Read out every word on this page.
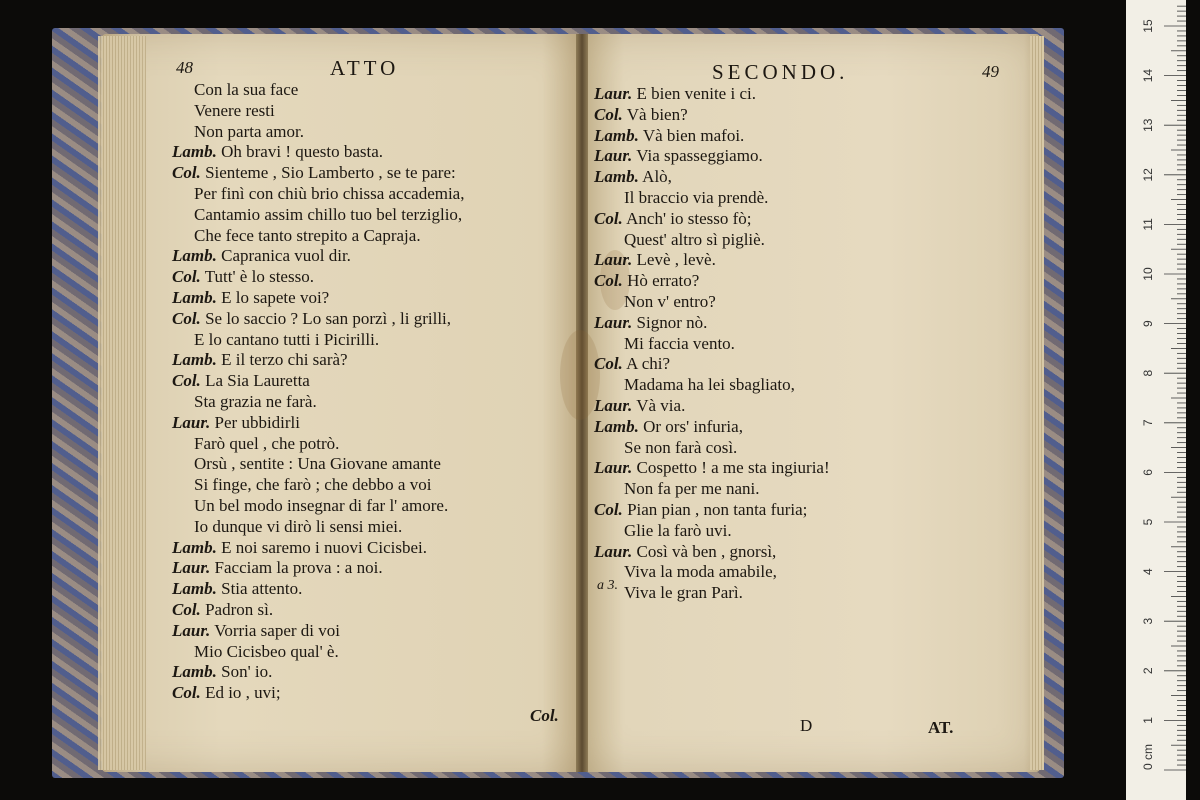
48	ATTO
Con la sua face
Venere resti
Non parta amor.
Lamb. Oh bravi ! questo basta.
Col. Sienteme , Sio Lamberto , se te pare:
Per finì con chiù brio chissa accademia,
Cantamio assim chillo tuo bel terziglio,
Che fece tanto strepito a Capraja.
Lamb. Capranica vuol dir.
Col. Tutt' è lo stesso.
Lamb. E lo sapete voi?
Col. Se lo saccio ? Lo san porzì , li grilli,
E lo cantano tutti i Picirilli.
Lamb. E il terzo chi sarà?
Col. La Sia Lauretta
Sta grazia ne farà.
Laur. Per ubbidirli
Farò quel , che potrò.
Orsù , sentite : Una Giovane amante
Si finge, che farò ; che debbo a voi
Un bel modo insegnar di far l' amore.
Io dunque vi dirò li sensi miei.
Lamb. E noi saremo i nuovi Cicisbei.
Laur. Facciam la prova : a noi.
Lamb. Stia attento.
Col. Padron sì.
Laur. Vorria saper di voi
Mio Cicisbeo qual' è.
Lamb. Son' io.
Col. Ed io , uvi;
Col.
SECONDO.	49
Laur. E bien venite i ci.
Col. Và bien?
Lamb. Và bien mafoi.
Laur. Via spasseggiamo.
Lamb. Alò,
Il braccio via prendè.
Col. Anch' io stesso fò;
Quest' altro sì pigliè.
Laur. Levè , levè.
Col. Hò errato?
Non v' entro?
Laur. Signor nò.
Mi faccia vento.
Col. A chi?
Madama ha lei sbagliato,
Laur. Và via.
Lamb. Or ors' infuria,
Se non farà così.
Laur. Cospetto ! a me sta ingiuria!
Non fa per me nani.
Col. Pian pian , non tanta furia;
Glie la farò uvi.
Laur. Così và ben , gnorsì,
Viva la moda amabile,
Viva le gran Parì.
a 3.
D	AT.
0 cm
1
2
3
4
5
6
7
8
9
10
11
12
13
14
15
